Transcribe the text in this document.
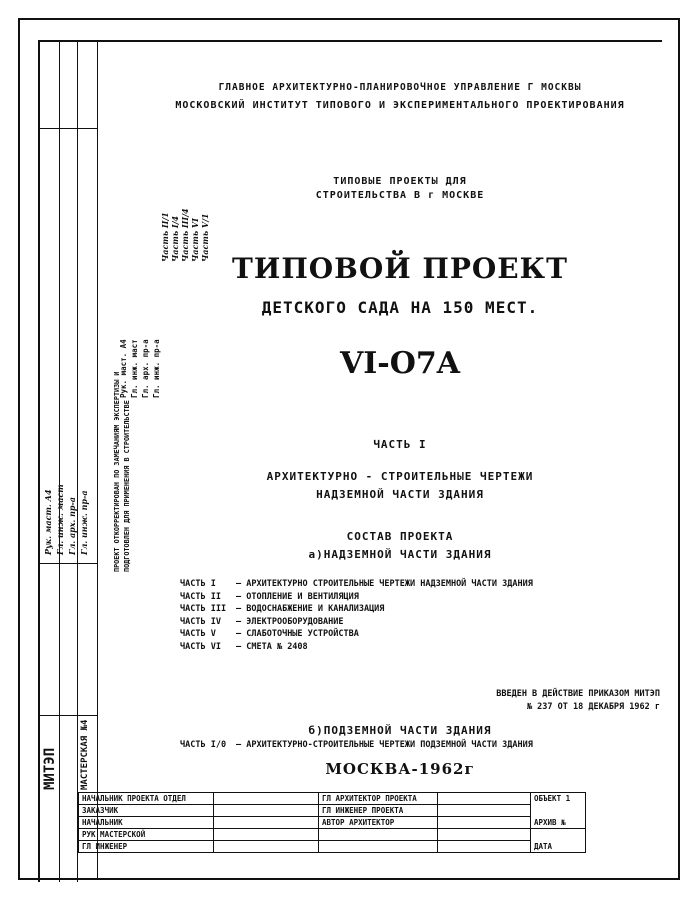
МИТЭП МАСТЕРСКАЯ №4
ПРОЕКТ ОТКОРРЕКТИРОВАН ПО ЗАМЕЧАНИЯМ ЭКСПЕРТИЗЫ И ПОДГОТОВЛЕН ДЛЯ ПРИМЕНЕНИЯ В СТРОИТЕЛЬСТВЕ
Рук. маст. А4 Гл. инж. маст Гл. арх. пр-а Гл. инж. пр-а
Рук. маст. А4 Гл. инж. маст Гл. арх. пр-а Гл. инж. пр-а
Часть II/1 Часть I/4 Часть III/4 Часть VI Часть V/1
ГЛАВНОЕ АРХИТЕКТУРНО-ПЛАНИРОВОЧНОЕ УПРАВЛЕНИЕ Г МОСКВЫ
МОСКОВСКИЙ ИНСТИТУТ ТИПОВОГО И ЭКСПЕРИМЕНТАЛЬНОГО ПРОЕКТИРОВАНИЯ
ТИПОВЫЕ ПРОЕКТЫ ДЛЯ
СТРОИТЕЛЬСТВА В г МОСКВЕ
ТИПОВОЙ ПРОЕКТ
ДЕТСКОГО САДА НА 150 МЕСТ.
VI-O7A
ЧАСТЬ I
АРХИТЕКТУРНО - СТРОИТЕЛЬНЫЕ ЧЕРТЕЖИ
НАДЗЕМНОЙ ЧАСТИ ЗДАНИЯ
СОСТАВ ПРОЕКТА
а)НАДЗЕМНОЙ ЧАСТИ ЗДАНИЯ
ЧАСТЬ I	– АРХИТЕКТУРНО СТРОИТЕЛЬНЫЕ ЧЕРТЕЖИ НАДЗЕМНОЙ ЧАСТИ ЗДАНИЯ
ЧАСТЬ II	– ОТОПЛЕНИЕ И ВЕНТИЛЯЦИЯ
ЧАСТЬ III	– ВОДОСНАБЖЕНИЕ И КАНАЛИЗАЦИЯ
ЧАСТЬ IV	– ЭЛЕКТРООБОРУДОВАНИЕ
ЧАСТЬ V	– СЛАБОТОЧНЫЕ УСТРОЙСТВА
ЧАСТЬ VI	– СМЕТА № 2408
ВВЕДЕН В ДЕЙСТВИЕ ПРИКАЗОМ МИТЭП
№ 237 ОТ 18 ДЕКАБРЯ 1962 г
б)ПОДЗЕМНОЙ ЧАСТИ ЗДАНИЯ
ЧАСТЬ I/0	– АРХИТЕКТУРНО-СТРОИТЕЛЬНЫЕ ЧЕРТЕЖИ ПОДЗЕМНОЙ ЧАСТИ ЗДАНИЯ
МОСКВА-1962г
НАЧАЛЬНИК ПРОЕКТА ОТДЕЛ		ГЛ АРХИТЕКТОР ПРОЕКТА		ОБЪЕКТ 1
ЗАКАЗЧИК		ГЛ ИНЖЕНЕР ПРОЕКТА		
НАЧАЛЬНИК		АВТОР АРХИТЕКТОР		АРХИВ №
РУК МАСТЕРСКОЙ				
ГЛ ИНЖЕНЕР				ДАТА
